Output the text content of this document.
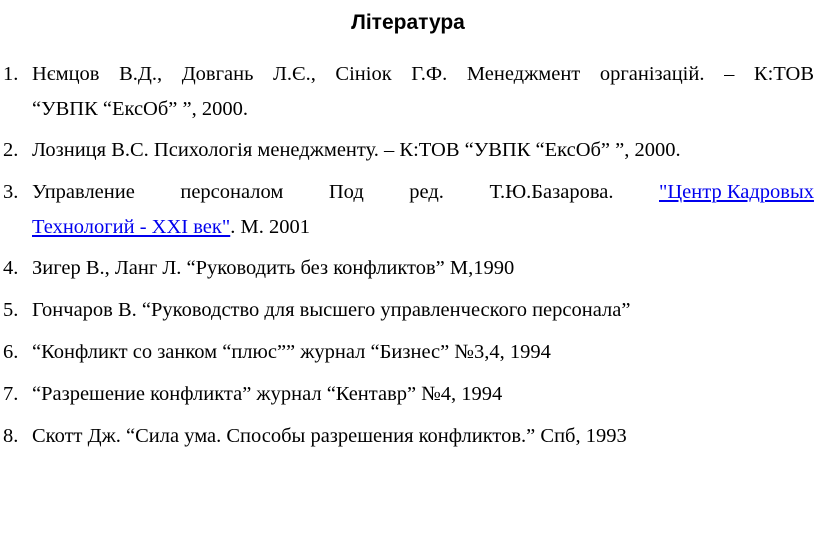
Література
1. Нємцов В.Д., Довгань Л.Є., Сініок Г.Ф. Менеджмент організацій. – К:ТОВ
“УВПК “ЕксОб” ”, 2000.
2. Лозниця В.С. Психологія менеджменту. – К:ТОВ “УВПК “ЕксОб” ”, 2000.
3. Управление персоналом Под ред. Т.Ю.Базарова. "Центр Кадровых
Технологий - XXI век". М. 2001
4. Зигер В., Ланг Л. “Руководить без конфликтов” М,1990
5. Гончаров В. “Руководство для высшего управленческого персонала”
6. “Конфликт со занком “плюс”” журнал “Бизнес” №3,4, 1994
7. “Разрешение конфликта” журнал “Кентавр” №4, 1994
8. Скотт Дж. “Сила ума. Способы разрешения конфликтов.” Спб, 1993
